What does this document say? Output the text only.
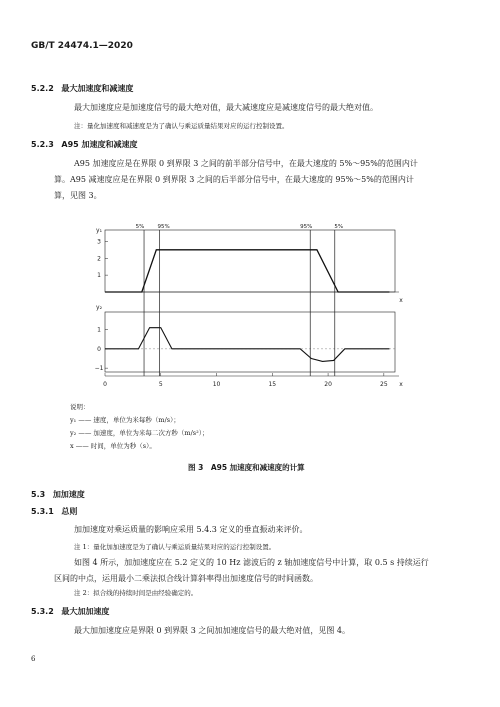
GB/T 24474.1—2020
5.2.2 最大加速度和减速度

最大加速度应是加速度信号的最大绝对值，最大减速度应是减速度信号的最大绝对值。

注：量化加速度和减速度是为了确认与乘运质量结果对应的运行控制设置。

5.2.3 A95 加速度和减速度

A95 加速度应是在界限 0 到界限 3 之间的前半部分信号中，在最大速度的 5%～95%的范围内计

算。A95 减速度应是在界限 0 到界限 3 之间的后半部分信号中，在最大速度的 95%～5%的范围内计

算，见图 3。

y₁
y₂
x
x
3
2
1
1
0
−1
0	5	10	15	20	25
5% 95%	95%	5%

说明：

y₁ —— 速度，单位为米每秒（m/s）；

y₂ —— 加速度，单位为米每二次方秒（m/s²）；

x —— 时间，单位为秒（s）。

图 3　A95 加速度和减速度的计算

5.3 加加速度
5.3.1 总则

加加速度对乘运质量的影响应采用 5.4.3 定义的垂直振动来评价。

注 1：量化加加速度是为了确认与乘运质量结果对应的运行控制设置。

如图 4 所示，加加速度应在 5.2 定义的 10 Hz 滤波后的 z 轴加速度信号中计算，取 0.5 s 持续运行

区间的中点，运用最小二乘法拟合线计算斜率得出加速度信号的时间函数。

注 2：拟合线的持续时间是由经验确定的。

5.3.2 最大加加速度

最大加加速度应是界限 0 到界限 3 之间加加速度信号的最大绝对值，见图 4。

6
